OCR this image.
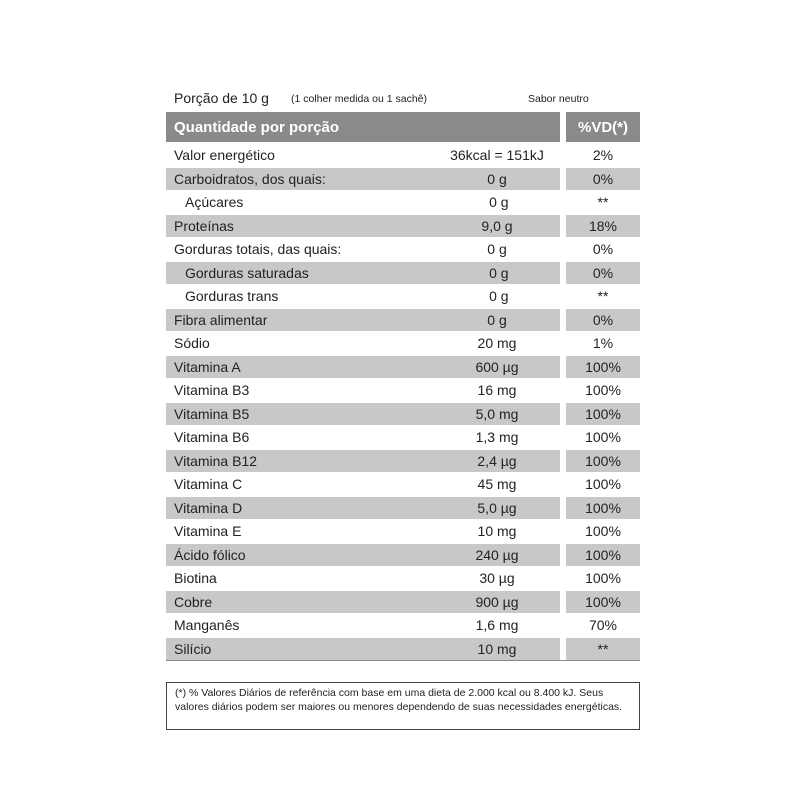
Porção de 10 g (1 colher medida ou 1 sachê)	Sabor neutro
Quantidade por porção	%VD(*)
Valor energético	36kcal = 151kJ	2%
Carboidratos, dos quais:	0 g	0%
Açúcares	0 g	**
Proteínas	9,0 g	18%
Gorduras totais, das quais:	0 g	0%
Gorduras saturadas	0 g	0%
Gorduras trans	0 g	**
Fibra alimentar	0 g	0%
Sódio	20 mg	1%
Vitamina A	600 µg	100%
Vitamina B3	16 mg	100%
Vitamina B5	5,0 mg	100%
Vitamina B6	1,3 mg	100%
Vitamina B12	2,4 µg	100%
Vitamina C	45 mg	100%
Vitamina D	5,0 µg	100%
Vitamina E	10 mg	100%
Ácido fólico	240 µg	100%
Biotina	30 µg	100%
Cobre	900 µg	100%
Manganês	1,6 mg	70%
Silício	10 mg	**
(*) % Valores Diários de referência com base em uma dieta de 2.000 kcal ou 8.400 kJ. Seus valores diários podem ser maiores ou menores dependendo de suas necessidades energéticas.
